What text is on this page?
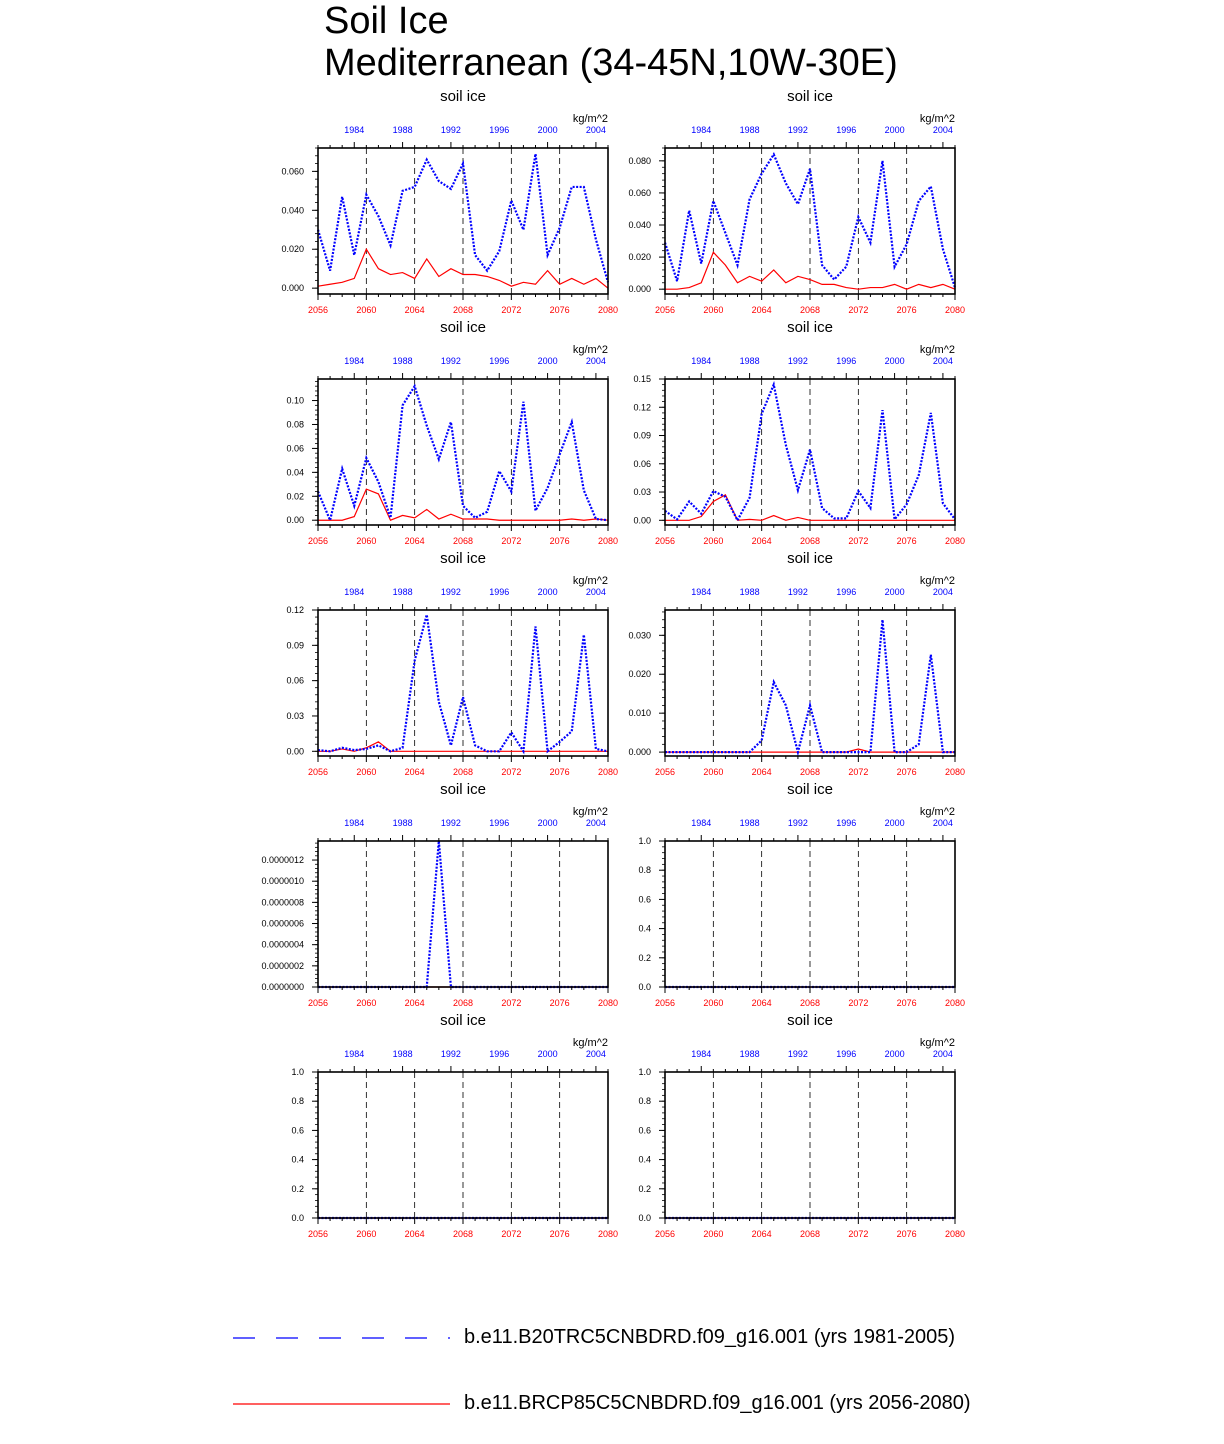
Soil Ice
Mediterranean (34-45N,10W-30E)
soil ice
kg/m^2
2056	2060	2064	2068	2072	2076	2080
1984	1988	1992	1996	2000	2004
0.000
0.020
0.040
0.060
soil ice
kg/m^2
2056	2060	2064	2068	2072	2076	2080
1984	1988	1992	1996	2000	2004
0.000
0.020
0.040
0.060
0.080
soil ice
kg/m^2
2056	2060	2064	2068	2072	2076	2080
1984	1988	1992	1996	2000	2004
0.00
0.02
0.04
0.06
0.08
0.10
soil ice
kg/m^2
2056	2060	2064	2068	2072	2076	2080
1984	1988	1992	1996	2000	2004
0.00
0.03
0.06
0.09
0.12
0.15
soil ice
kg/m^2
2056	2060	2064	2068	2072	2076	2080
1984	1988	1992	1996	2000	2004
0.00
0.03
0.06
0.09
0.12
soil ice
kg/m^2
2056	2060	2064	2068	2072	2076	2080
1984	1988	1992	1996	2000	2004
0.000
0.010
0.020
0.030
soil ice
kg/m^2
2056	2060	2064	2068	2072	2076	2080
1984	1988	1992	1996	2000	2004
0.0000000
0.0000002
0.0000004
0.0000006
0.0000008
0.0000010
0.0000012
soil ice
kg/m^2
2056	2060	2064	2068	2072	2076	2080
1984	1988	1992	1996	2000	2004
0.0
0.2
0.4
0.6
0.8
1.0
soil ice
kg/m^2
2056	2060	2064	2068	2072	2076	2080
1984	1988	1992	1996	2000	2004
0.0
0.2
0.4
0.6
0.8
1.0
soil ice
kg/m^2
2056	2060	2064	2068	2072	2076	2080
1984	1988	1992	1996	2000	2004
0.0
0.2
0.4
0.6
0.8
1.0
b.e11.B20TRC5CNBDRD.f09_g16.001 (yrs 1981-2005)
b.e11.BRCP85C5CNBDRD.f09_g16.001 (yrs 2056-2080)
